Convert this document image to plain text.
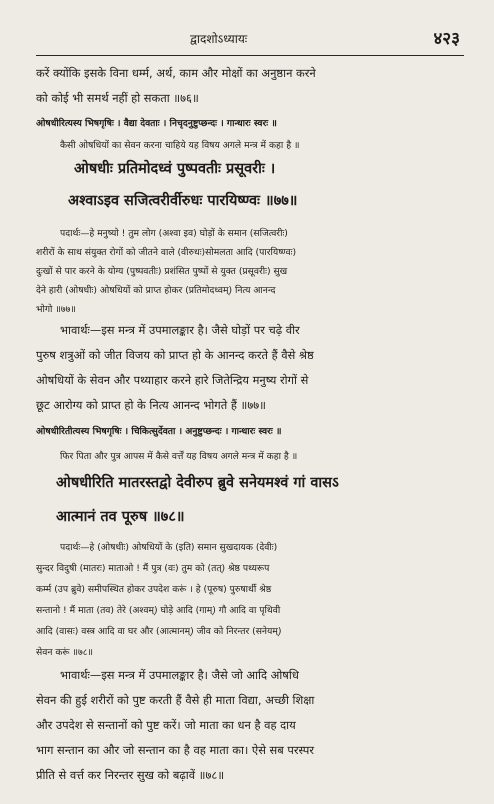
द्वादशोऽध्यायः	४२३
करें क्योंकि इसके विना धर्म्म, अर्थ, काम और मोक्षों का अनुष्ठान करने
को कोई भी समर्थ नहीं हो सकता ॥७६॥
ओषधीरित्यस्य भिषगृषिः । वैद्या देवताः । निचृदनुष्टुप्छन्दः । गान्धारः स्वरः ॥
कैसी ओषधियों का सेवन करना चाहिये यह विषय अगले मन्त्र में कहा है ॥
ओषधीः प्रतिमोदध्वं पुष्पवतीः प्रसूवरीः ।
अश्वाऽइव सजित्वरीर्वीरुधः पारयिष्ण्वः ॥७७॥
पदार्थः—हे मनुष्यो ! तुम लोग (अश्वा इव) घोड़ों के समान (सजित्वरीः)
शरीरों के साथ संयुक्त रोगों को जीतने वाले (वीरुधः)सोमलता आदि (पारयिष्ण्वः)
दुःखों से पार करने के योग्य (पुष्पवतीः) प्रशंसित पुष्पों से युक्त (प्रसूवरीः) सुख
देने हारी (ओषधीः) ओषधियों को प्राप्त होकर (प्रतिमोदध्वम्) नित्य आनन्द
भोगो ॥७७॥
भावार्थः—इस मन्त्र में उपमालङ्कार है। जैसे घोड़ों पर चढ़े वीर
पुरुष शत्रुओं को जीत विजय को प्राप्त हो के आनन्द करते हैं वैसे श्रेष्ठ
ओषधियों के सेवन और पथ्याहार करने हारे जितेन्द्रिय मनुष्य रोगों से
छूट आरोग्य को प्राप्त हो के नित्य आनन्द भोगते हैं ॥७७॥
ओषधीरितीत्यस्य भिषगृषिः । चिकित्सुर्देवता । अनुष्टुप्छन्दः । गान्धारः स्वरः ॥
फिर पिता और पुत्र आपस में कैसे वर्त्तें यह विषय अगले मन्त्र में कहा है ॥
ओषधीरिति मातरस्तद्वो देवीरुप ब्रुवे सनेयमश्वं गां वासऽ
आत्मानं तव पूरुष ॥७८॥
पदार्थः—हे (ओषधीः) ओषधियों के (इति) समान सुखदायक (देवीः)
सुन्दर विदुषी (मातरः) माताओ ! मैं पुत्र (वः) तुम को (तत्) श्रेष्ठ पथ्यरूप
कर्म्म (उप ब्रुवे) समीपस्थित होकर उपदेश करूं । हे (पूरुष) पुरुषार्थी श्रेष्ठ
सन्तानो ! मैं माता (तव) तेरे (अश्वम्) घोड़े आदि (गाम्) गौ आदि वा पृथिवी
आदि (वासः) वस्त्र आदि वा घर और (आत्मानम्) जीव को निरन्तर (सनेयम्)
सेवन करूं ॥७८॥
भावार्थः—इस मन्त्र में उपमालङ्कार है। जैसे जो आदि ओषधि
सेवन की हुई शरीरों को पुष्ट करती हैं वैसे ही माता विद्या, अच्छी शिक्षा
और उपदेश से सन्तानों को पुष्ट करें। जो माता का धन है वह दाय
भाग सन्तान का और जो सन्तान का है वह माता का। ऐसे सब परस्पर
प्रीति से वर्त्त कर निरन्तर सुख को बढ़ावें ॥७८॥
